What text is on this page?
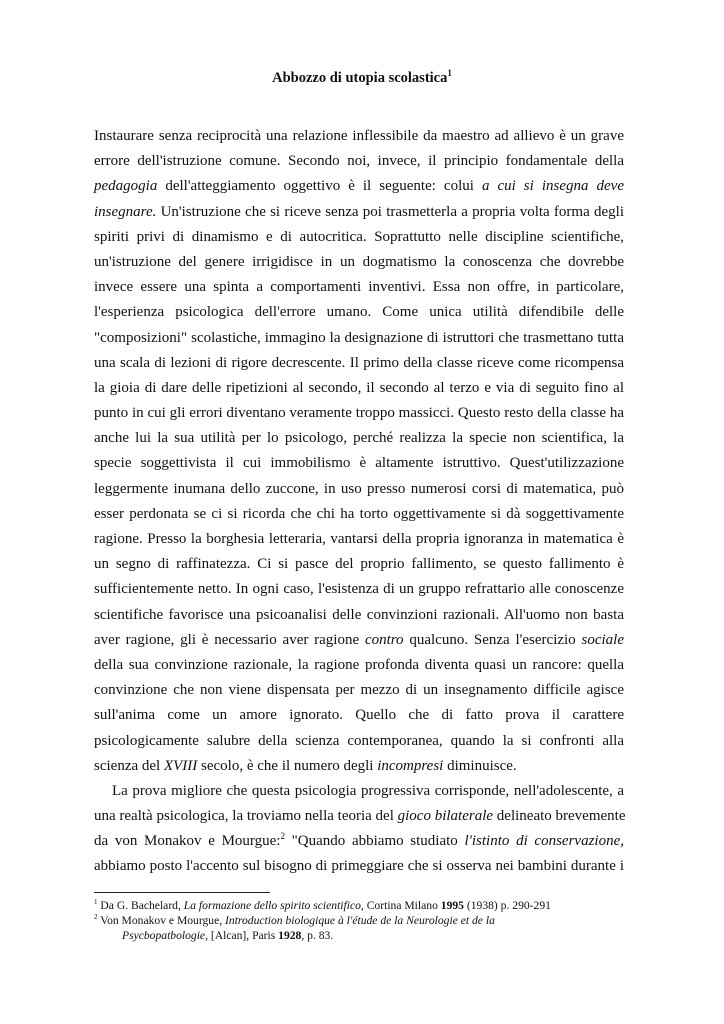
Abbozzo di utopia scolastica$^1$
Instaurare senza reciprocità una relazione inflessibile da maestro ad allievo è un grave
errore dell'istruzione comune. Secondo noi, invece, il principio fondamentale della
pedagogia dell'atteggiamento oggettivo è il seguente: colui a cui si insegna deve
insegnare. Un'istruzione che si riceve senza poi trasmetterla a propria volta forma degli
spiriti privi di dinamismo e di autocritica. Soprattutto nelle discipline scientifiche,
un'istruzione del genere irrigidisce in un dogmatismo la conoscenza che dovrebbe
invece essere una spinta a comportamenti inventivi. Essa non offre, in particolare,
l'esperienza psicologica dell'errore umano. Come unica utilità difendibile delle
"composizioni" scolastiche, immagino la designazione di istruttori che trasmettano tutta
una scala di lezioni di rigore decrescente. Il primo della classe riceve come ricompensa
la gioia di dare delle ripetizioni al secondo, il secondo al terzo e via di seguito fino al
punto in cui gli errori diventano veramente troppo massicci. Questo resto della classe ha
anche lui la sua utilità per lo psicologo, perché realizza la specie non scientifica, la
specie soggettivista il cui immobilismo è altamente istruttivo. Quest'utilizzazione
leggermente inumana dello zuccone, in uso presso numerosi corsi di matematica, può
esser perdonata se ci si ricorda che chi ha torto oggettivamente si dà soggettivamente
ragione. Presso la borghesia letteraria, vantarsi della propria ignoranza in matematica è
un segno di raffinatezza. Ci si pasce del proprio fallimento, se questo fallimento è
sufficientemente netto. In ogni caso, l'esistenza di un gruppo refrattario alle conoscenze
scientifiche favorisce una psicoanalisi delle convinzioni razionali. All'uomo non basta
aver ragione, gli è necessario aver ragione contro qualcuno. Senza l'esercizio sociale
della sua convinzione razionale, la ragione profonda diventa quasi un rancore: quella
convinzione che non viene dispensata per mezzo di un insegnamento difficile agisce
sull'anima come un amore ignorato. Quello che di fatto prova il carattere
psicologicamente salubre della scienza contemporanea, quando la si confronti alla
scienza del XVIII secolo, è che il numero degli incompresi diminuisce.
La prova migliore che questa psicologia progressiva corrisponde, nell'adolescente, a
una realtà psicologica, la troviamo nella teoria del gioco bilaterale delineato brevemente
da von Monakov e Mourgue:$^2$ "Quando abbiamo studiato l'istinto di conservazione,
abbiamo posto l'accento sul bisogno di primeggiare che si osserva nei bambini durante i
$^1$ Da G. Bachelard, La formazione dello spirito scientifico, Cortina Milano 1995 (1938) p. 290-291
$^2$ Von Monakov e Mourgue, Introduction biologique à l'étude de la Neurologie et de la
Psycbopatbologie, [Alcan], Paris 1928, p. 83.
